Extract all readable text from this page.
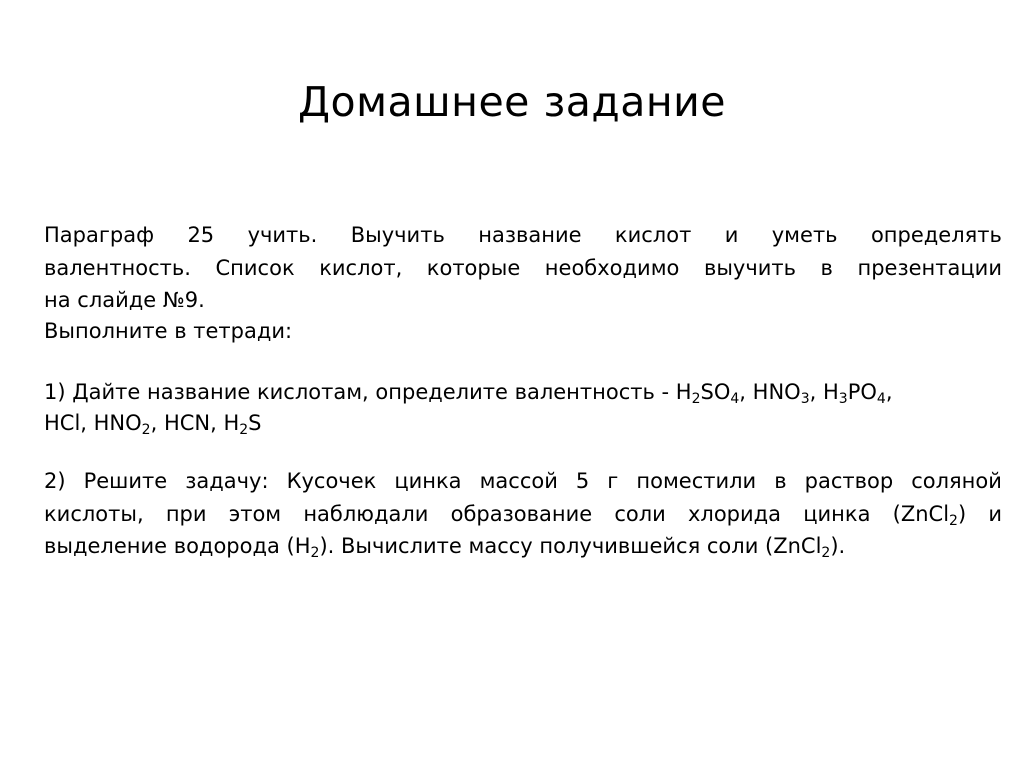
Домашнее задание
Параграф 25 учить. Выучить название кислот и уметь определять
валентность. Список кислот, которые необходимо выучить в презентации
на слайде №9.
Выполните в тетради:
1) Дайте название кислотам, определите валентность - $H_2SO_4$, $HNO_3$, $H_3PO_4$,
HCl, $HNO_2$, HCN, $H_2S$
2) Решите задачу: Кусочек цинка массой 5 г поместили в раствор соляной
кислоты, при этом наблюдали образование соли хлорида цинка (ZnCl$_2$) и
выделение водорода $(H_2)$. Вычислите массу получившейся соли (ZnCl$_2$).
